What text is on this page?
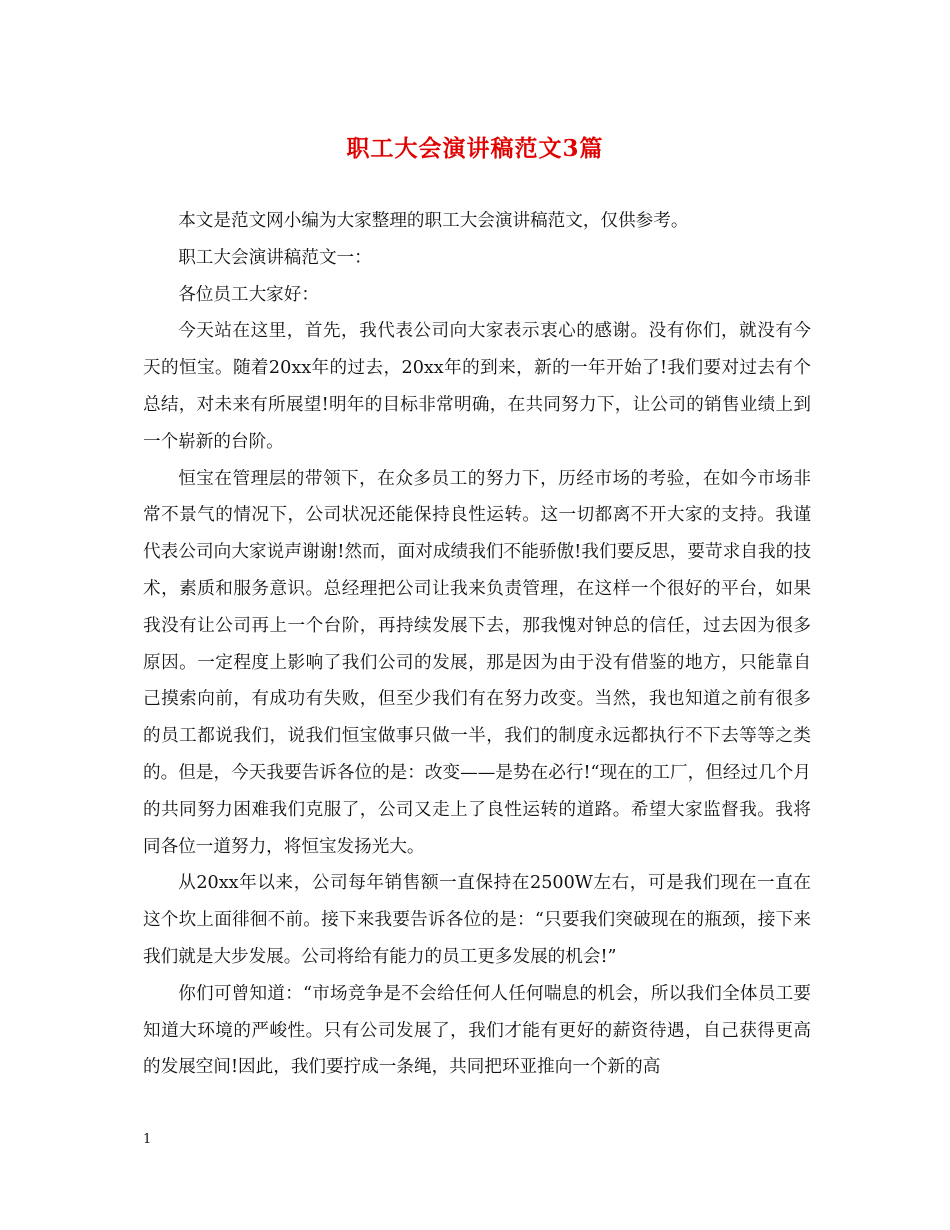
职工大会演讲稿范文3篇

本文是范文网小编为大家整理的职工大会演讲稿范文，仅供参考。

职工大会演讲稿范文一：

各位员工大家好：

今天站在这里，首先，我代表公司向大家表示衷心的感谢。没有你们，就没有今天的恒宝。随着20xx年的过去，20xx年的到来，新的一年开始了!我们要对过去有个总结，对未来有所展望!明年的目标非常明确，在共同努力下，让公司的销售业绩上到一个崭新的台阶。

恒宝在管理层的带领下，在众多员工的努力下，历经市场的考验，在如今市场非常不景气的情况下，公司状况还能保持良性运转。这一切都离不开大家的支持。我谨代表公司向大家说声谢谢!然而，面对成绩我们不能骄傲!我们要反思，要苛求自我的技术，素质和服务意识。总经理把公司让我来负责管理，在这样一个很好的平台，如果我没有让公司再上一个台阶，再持续发展下去，那我愧对钟总的信任，过去因为很多原因。一定程度上影响了我们公司的发展，那是因为由于没有借鉴的地方，只能靠自己摸索向前，有成功有失败，但至少我们有在努力改变。当然，我也知道之前有很多的员工都说我们，说我们恒宝做事只做一半，我们的制度永远都执行不下去等等之类的。但是，今天我要告诉各位的是：改变——是势在必行!“现在的工厂，但经过几个月的共同努力困难我们克服了，公司又走上了良性运转的道路。希望大家监督我。我将同各位一道努力，将恒宝发扬光大。

从20xx年以来，公司每年销售额一直保持在2500W左右，可是我们现在一直在这个坎上面徘徊不前。接下来我要告诉各位的是：“只要我们突破现在的瓶颈，接下来我们就是大步发展。公司将给有能力的员工更多发展的机会!”

你们可曾知道：“市场竞争是不会给任何人任何喘息的机会，所以我们全体员工要知道大环境的严峻性。只有公司发展了，我们才能有更好的薪资待遇，自己获得更高的发展空间!因此，我们要拧成一条绳，共同把环亚推向一个新的高

1
